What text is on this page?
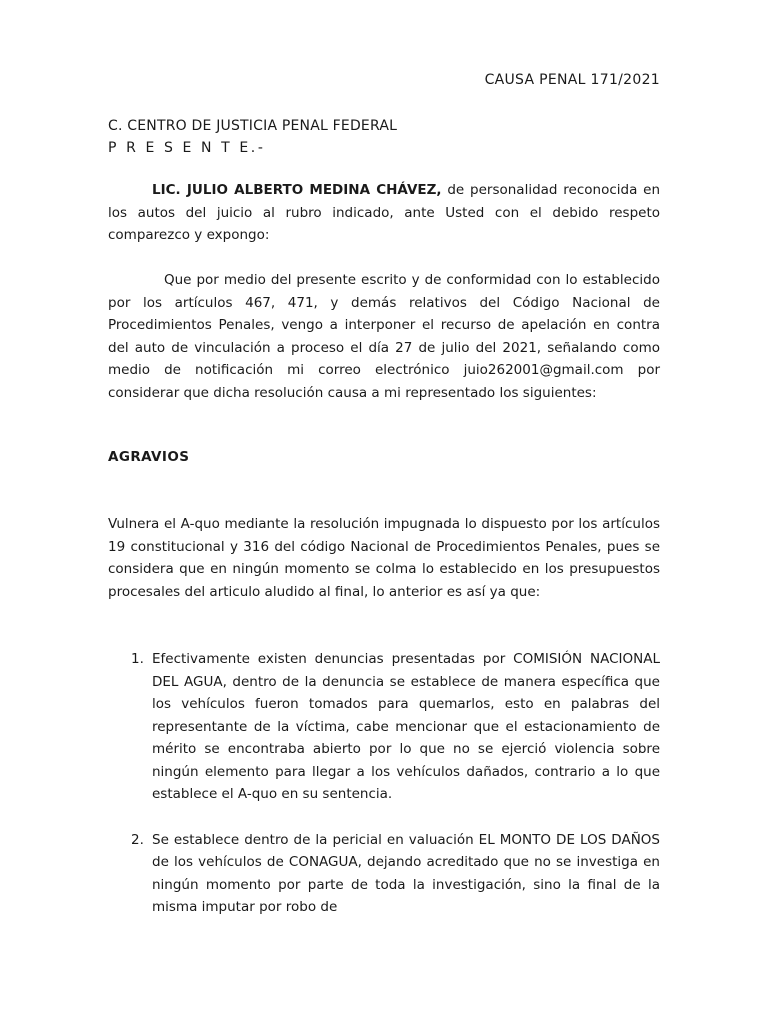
CAUSA PENAL 171/2021
C. CENTRO DE JUSTICIA PENAL FEDERAL
P R E S E N T E.-
LIC. JULIO ALBERTO MEDINA CHÁVEZ, de personalidad reconocida en los autos del juicio al rubro indicado, ante Usted con el debido respeto comparezco y expongo:
Que por medio del presente escrito y de conformidad con lo establecido por los artículos 467, 471, y demás relativos del Código Nacional de Procedimientos Penales, vengo a interponer el recurso de apelación en contra del auto de vinculación a proceso el día 27 de julio del 2021, señalando como medio de notificación mi correo electrónico juio262001@gmail.com por considerar que dicha resolución causa a mi representado los siguientes:
AGRAVIOS
Vulnera el A-quo mediante la resolución impugnada lo dispuesto por los artículos 19 constitucional y 316 del código Nacional de Procedimientos Penales, pues se considera que en ningún momento se colma lo establecido en los presupuestos procesales del articulo aludido al final, lo anterior es así ya que:
1. Efectivamente existen denuncias presentadas por COMISIÓN NACIONAL DEL AGUA, dentro de la denuncia se establece de manera específica que los vehículos fueron tomados para quemarlos, esto en palabras del representante de la víctima, cabe mencionar que el estacionamiento de mérito se encontraba abierto por lo que no se ejerció violencia sobre ningún elemento para llegar a los vehículos dañados, contrario a lo que establece el A-quo en su sentencia.
2. Se establece dentro de la pericial en valuación EL MONTO DE LOS DAÑOS de los vehículos de CONAGUA, dejando acreditado que no se investiga en ningún momento por parte de toda la investigación, sino la final de la misma imputar por robo de
